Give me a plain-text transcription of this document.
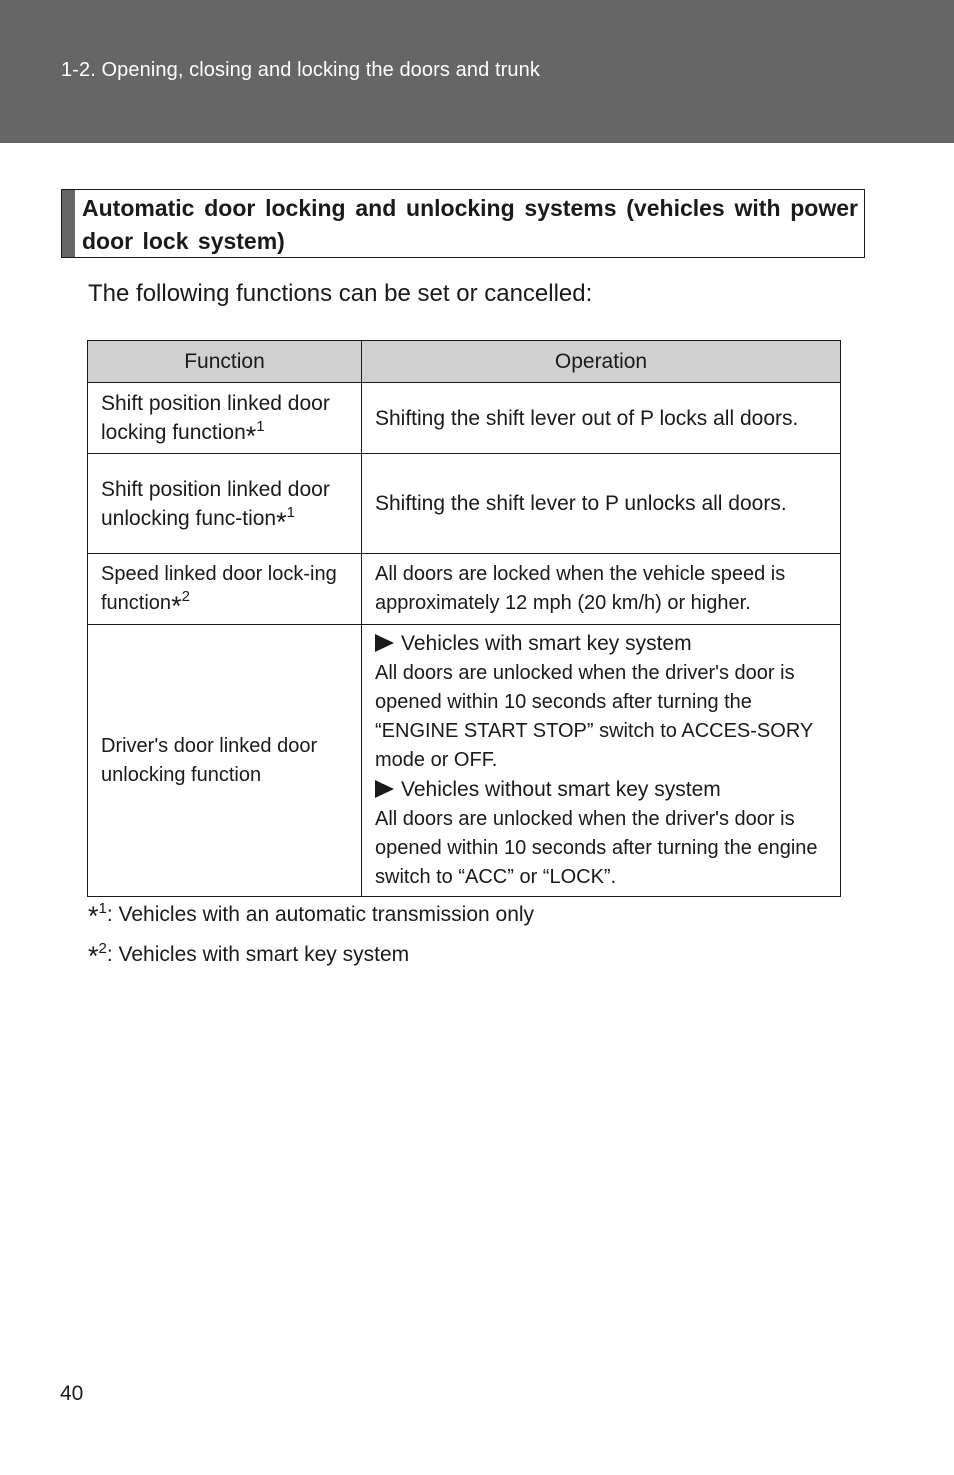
1-2. Opening, closing and locking the doors and trunk
Automatic door locking and unlocking systems (vehicles with power door lock system)
The following functions can be set or cancelled:
Function	Operation
Shift position linked door locking function*$^1$	Shifting the shift lever out of P locks all doors.
Shift position linked door unlocking func-tion*$^1$	Shifting the shift lever to P unlocks all doors.
Speed linked door lock-ing function*$^2$	All doors are locked when the vehicle speed is approximately 12 mph (20 km/h) or higher.
Driver's door linked door unlocking function	Vehicles with smart key system
All doors are unlocked when the driver's door is opened within 10 seconds after turning the “ENGINE START STOP” switch to ACCES-SORY mode or OFF.
Vehicles without smart key system
All doors are unlocked when the driver's door is opened within 10 seconds after turning the engine switch to “ACC” or “LOCK”.
*$^1$: Vehicles with an automatic transmission only
*$^2$: Vehicles with smart key system
40
